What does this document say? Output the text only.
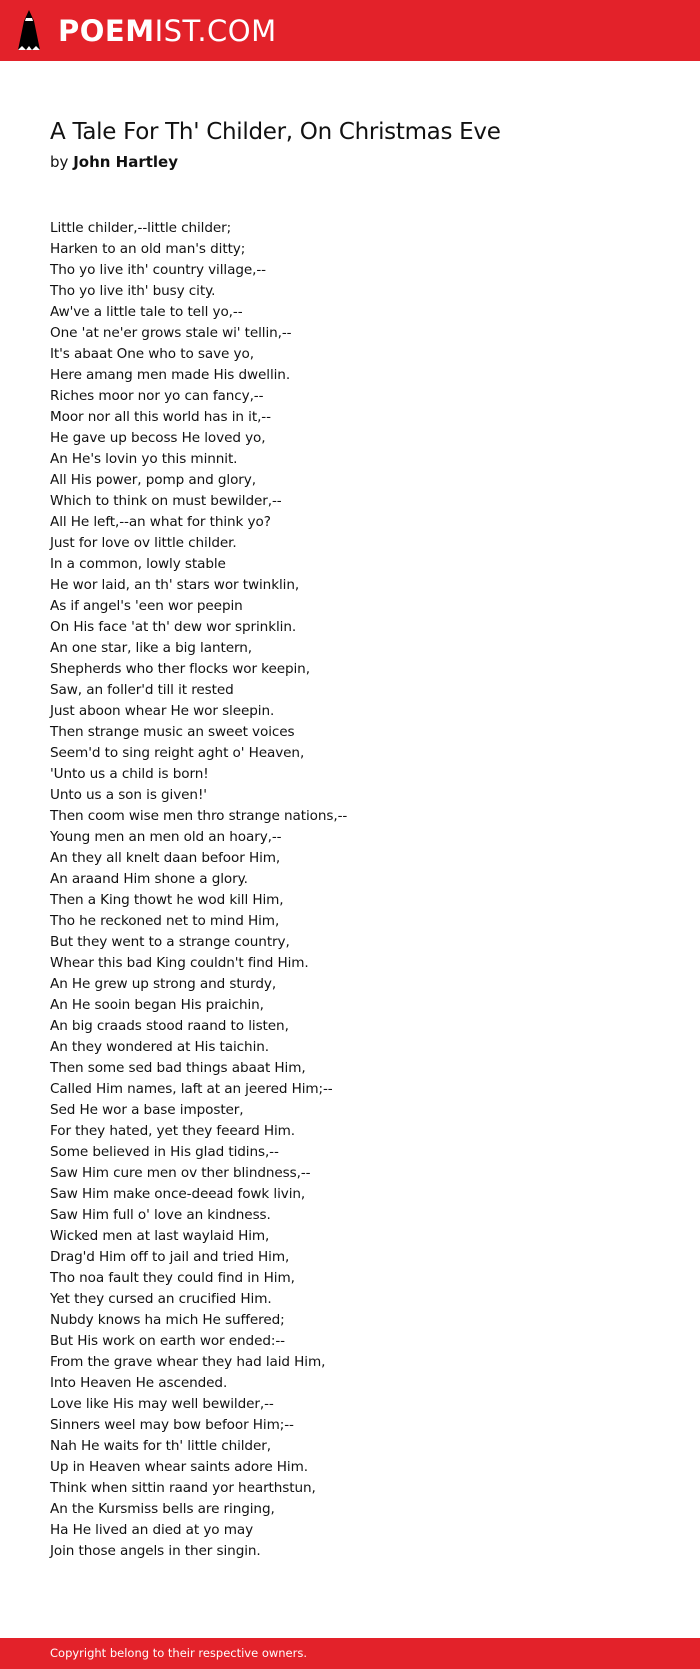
POEMIST.COM
A Tale For Th' Childer, On Christmas Eve

by John Hartley

Little childer,--little childer;
Harken to an old man's ditty;
Tho yo live ith' country village,--
Tho yo live ith' busy city.
Aw've a little tale to tell yo,--
One 'at ne'er grows stale wi' tellin,--
It's abaat One who to save yo,
Here amang men made His dwellin.
Riches moor nor yo can fancy,--
Moor nor all this world has in it,--
He gave up becoss He loved yo,
An He's lovin yo this minnit.
All His power, pomp and glory,
Which to think on must bewilder,--
All He left,--an what for think yo?
Just for love ov little childer.
In a common, lowly stable
He wor laid, an th' stars wor twinklin,
As if angel's 'een wor peepin
On His face 'at th' dew wor sprinklin.
An one star, like a big lantern,
Shepherds who ther flocks wor keepin,
Saw, an foller'd till it rested
Just aboon whear He wor sleepin.
Then strange music an sweet voices
Seem'd to sing reight aght o' Heaven,
'Unto us a child is born!
Unto us a son is given!'
Then coom wise men thro strange nations,--
Young men an men old an hoary,--
An they all knelt daan befoor Him,
An araand Him shone a glory.
Then a King thowt he wod kill Him,
Tho he reckoned net to mind Him,
But they went to a strange country,
Whear this bad King couldn't find Him.
An He grew up strong and sturdy,
An He sooin began His praichin,
An big craads stood raand to listen,
An they wondered at His taichin.
Then some sed bad things abaat Him,
Called Him names, laft at an jeered Him;--
Sed He wor a base imposter,
For they hated, yet they feeard Him.
Some believed in His glad tidins,--
Saw Him cure men ov ther blindness,--
Saw Him make once-deead fowk livin,
Saw Him full o' love an kindness.
Wicked men at last waylaid Him,
Drag'd Him off to jail and tried Him,
Tho noa fault they could find in Him,
Yet they cursed an crucified Him.
Nubdy knows ha mich He suffered;
But His work on earth wor ended:--
From the grave whear they had laid Him,
Into Heaven He ascended.
Love like His may well bewilder,--
Sinners weel may bow befoor Him;--
Nah He waits for th' little childer,
Up in Heaven whear saints adore Him.
Think when sittin raand yor hearthstun,
An the Kursmiss bells are ringing,
Ha He lived an died at yo may
Join those angels in ther singin.
Copyright belong to their respective owners.
